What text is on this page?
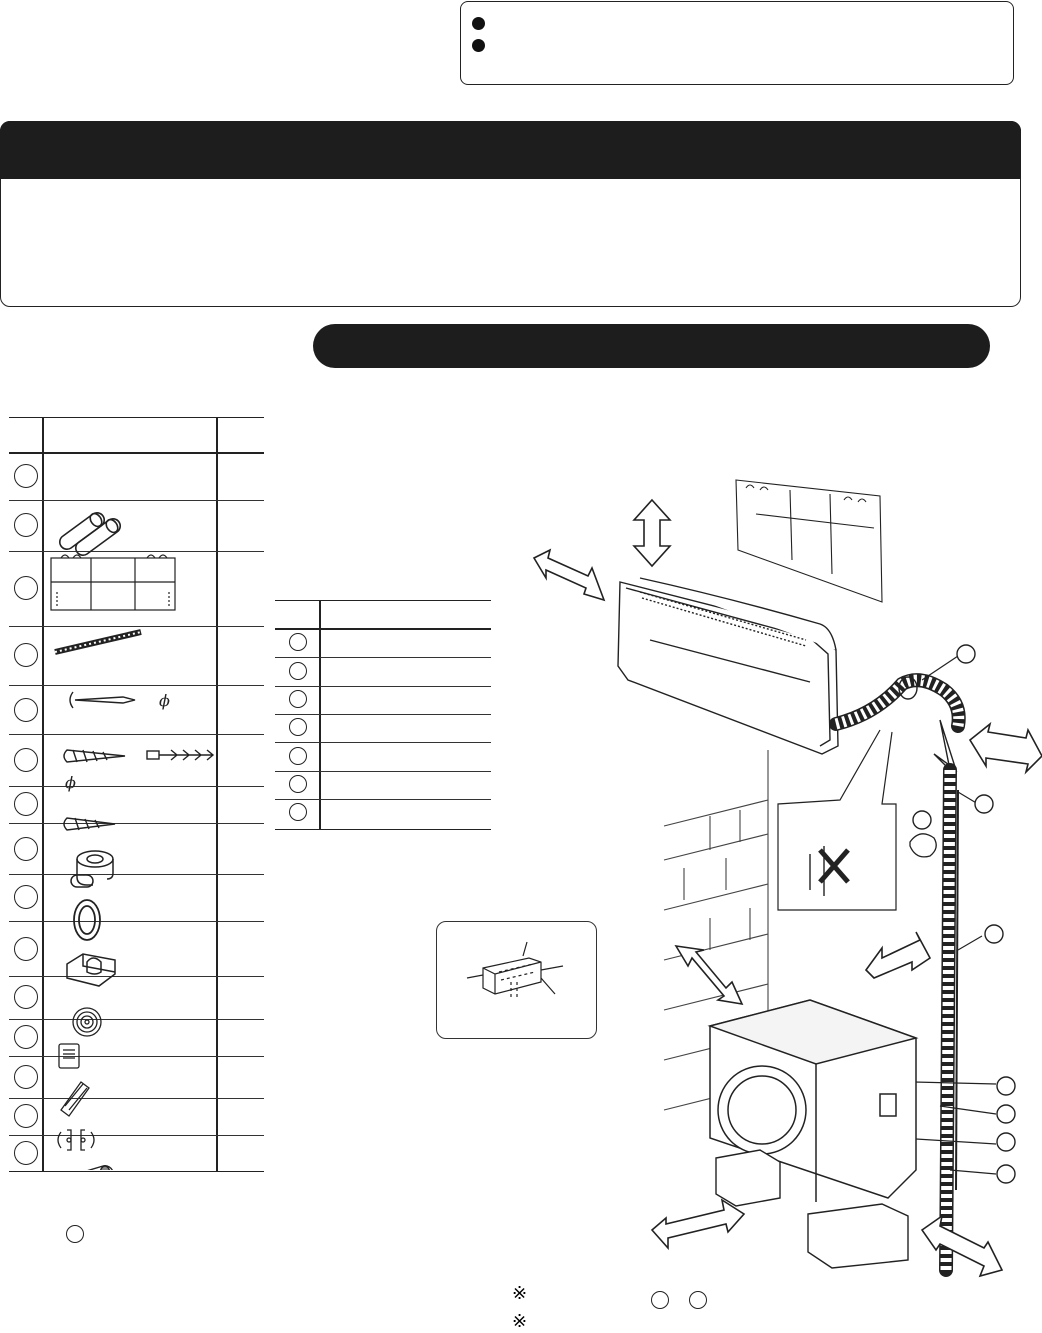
ϕ
ϕ
※
※
